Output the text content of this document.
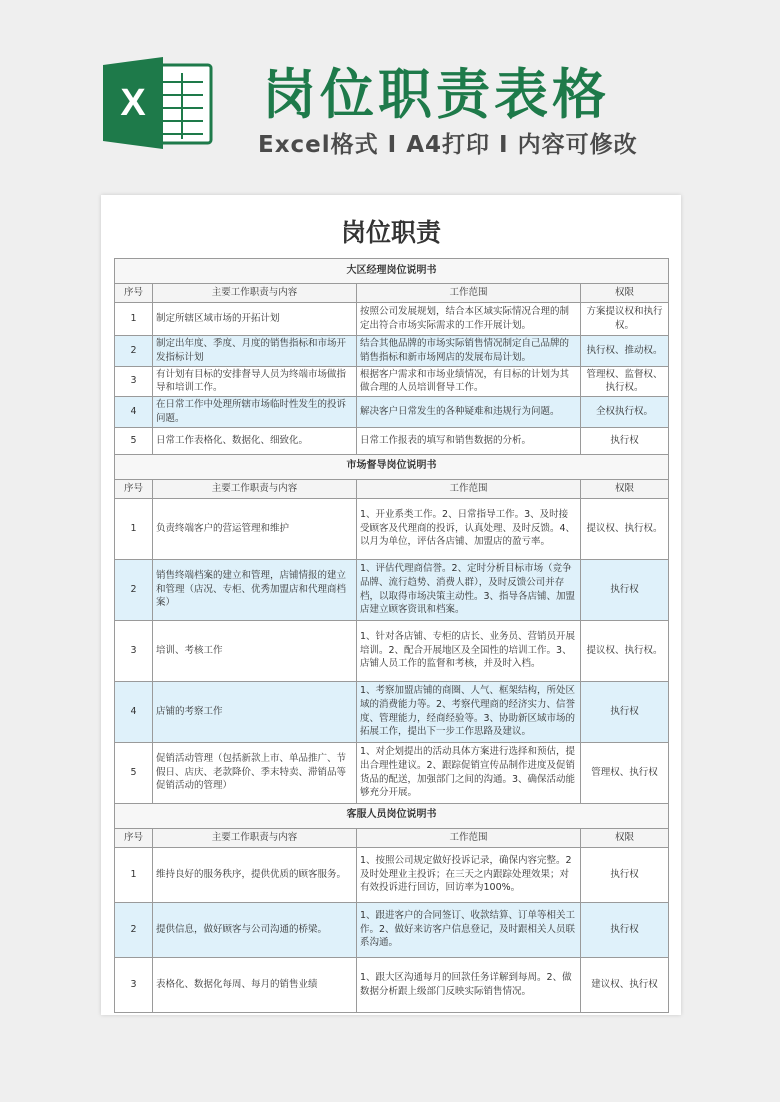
X 岗位职责表格
Excel格式 I A4打印 I 内容可修改
岗位职责
大区经理岗位说明书			
序号	主要工作职责与内容	工作范围	权限
1	制定所辖区域市场的开拓计划	按照公司发展规划，结合本区域实际情况合理的制定出符合市场实际需求的工作开展计划。	方案提议权和执行权。
2	制定出年度、季度、月度的销售指标和市场开发指标计划	结合其他品牌的市场实际销售情况制定自己品牌的销售指标和新市场网店的发展布局计划。	执行权、推动权。
3	有计划有目标的安排督导人员为终端市场做指导和培训工作。	根据客户需求和市场业绩情况，有目标的计划为其做合理的人员培训督导工作。	管理权、监督权、执行权。
4	在日常工作中处理所辖市场临时性发生的投诉问题。	解决客户日常发生的各种疑难和违规行为问题。	全权执行权。
5	日常工作表格化、数据化、细致化。	日常工作报表的填写和销售数据的分析。	执行权
市场督导岗位说明书			
序号	主要工作职责与内容	工作范围	权限
1	负责终端客户的营运管理和维护	1、开业系类工作。2、日常指导工作。3、及时接受顾客及代理商的投诉，认真处理、及时反馈。4、以月为单位，评估各店铺、加盟店的盈亏率。	提议权、执行权。
2	销售终端档案的建立和管理，店铺情报的建立和管理（店况、专柜、优秀加盟店和代理商档案）	1、评估代理商信誉。2、定时分析目标市场（竞争品牌、流行趋势、消费人群），及时反馈公司并存档，以取得市场决策主动性。3、指导各店铺、加盟店建立顾客资讯和档案。	执行权
3	培训、考核工作	1、针对各店铺、专柜的店长、业务员、营销员开展培训。2、配合开展地区及全国性的培训工作。3、店铺人员工作的监督和考核，并及时入档。	提议权、执行权。
4	店铺的考察工作	1、考察加盟店铺的商圈、人气、框架结构，所处区域的消费能力等。2、考察代理商的经济实力、信誉度、管理能力，经商经验等。3、协助新区域市场的拓展工作，提出下一步工作思路及建议。	执行权
5	促销活动管理（包括新款上市、单品推广、节假日、店庆、老款降价、季末特卖、滞销品等促销活动的管理）	1、对企划提出的活动具体方案进行选择和预估，提出合理性建议。2、跟踪促销宣传品制作进度及促销货品的配送，加强部门之间的沟通。3、确保活动能够充分开展。	管理权、执行权
客服人员岗位说明书			
序号	主要工作职责与内容	工作范围	权限
1	维持良好的服务秩序，提供优质的顾客服务。	1、按照公司规定做好投诉记录，确保内容完整。2及时处理业主投诉；在三天之内跟踪处理效果；对有效投诉进行回访，回访率为100%。	执行权
2	提供信息，做好顾客与公司沟通的桥梁。	1、跟进客户的合同签订、收款结算、订单等相关工作。2、做好来访客户信息登记，及时跟相关人员联系沟通。	执行权
3	表格化、数据化每周、每月的销售业绩	1、跟大区沟通每月的回款任务详解到每周。2、做数据分析跟上级部门反映实际销售情况。	建议权、执行权
